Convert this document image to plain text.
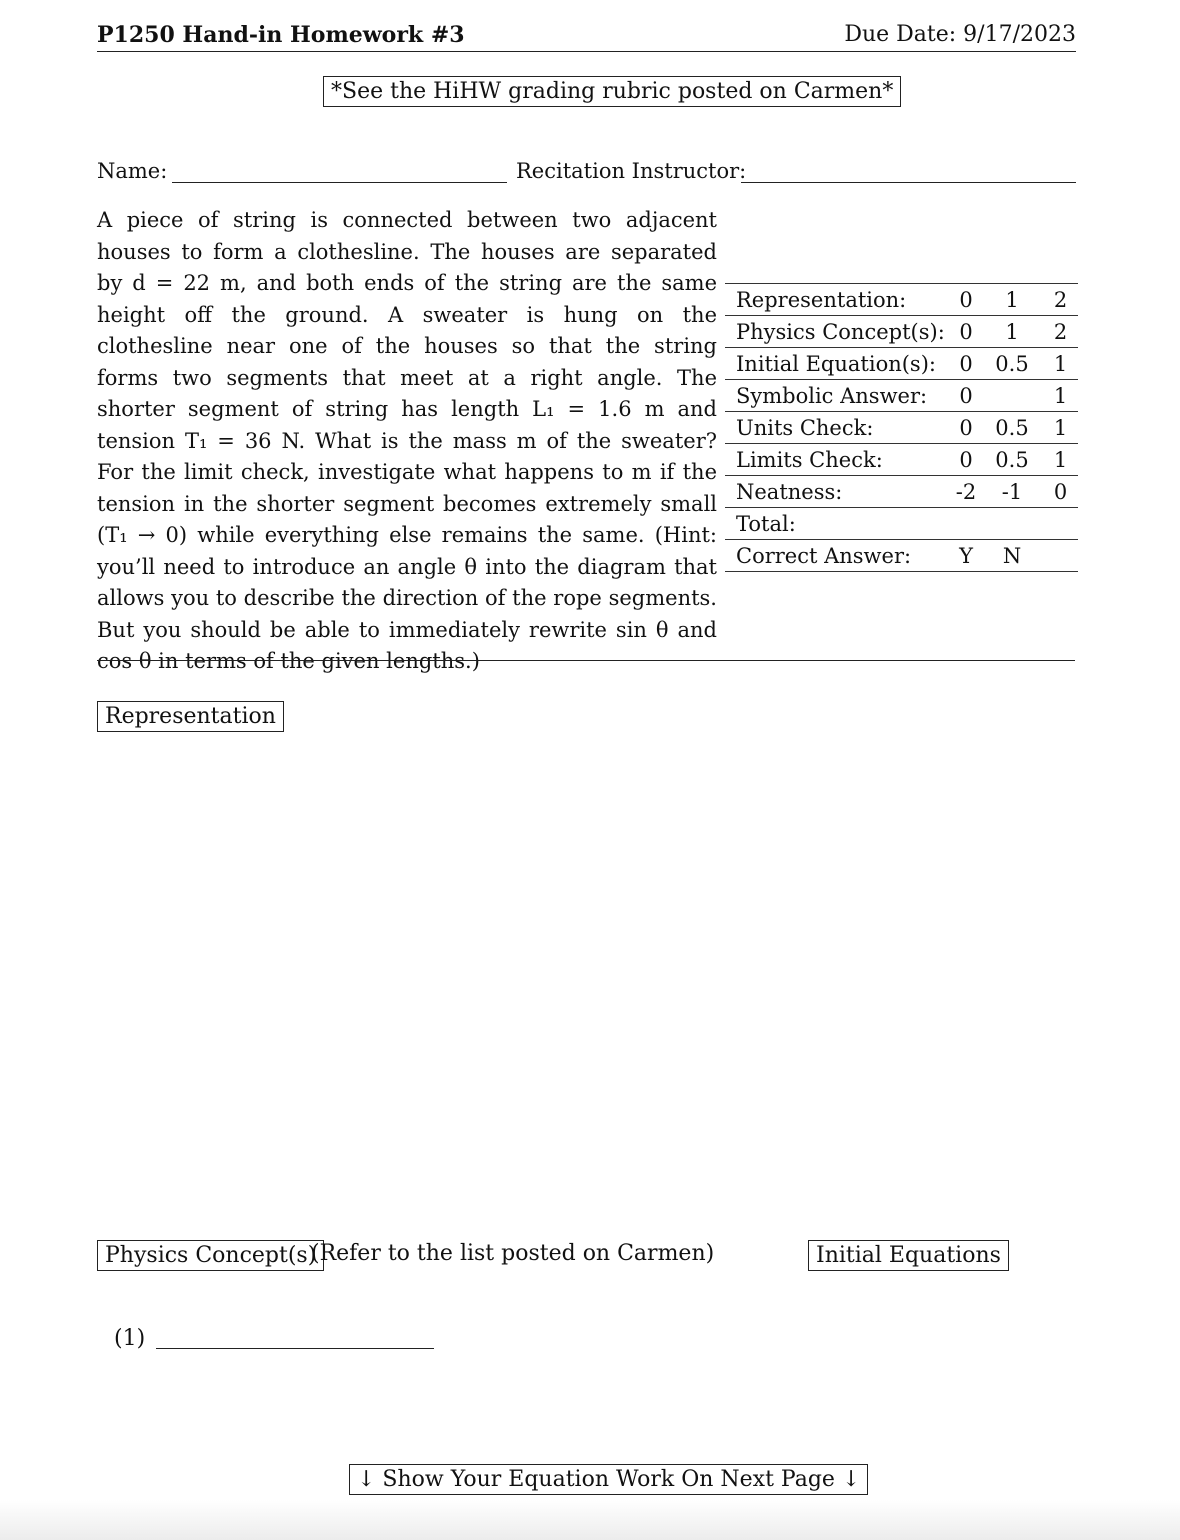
P1250 Hand-in Homework #3	Due Date: 9/17/2023
*See the HiHW grading rubric posted on Carmen*
Name:	Recitation Instructor:

A piece of string is connected between two adjacent houses to form a clothesline. The houses are separated by d = 22 m, and both ends of the string are the same height off the ground. A sweater is hung on the clothesline near one of the houses so that the string forms two segments that meet at a right angle. The shorter segment of string has length L₁ = 1.6 m and tension T₁ = 36 N. What is the mass m of the sweater? For the limit check, investigate what happens to m if the tension in the shorter segment becomes extremely small (T₁ → 0) while everything else remains the same. (Hint: you’ll need to introduce an angle θ into the diagram that allows you to describe the direction of the rope segments. But you should be able to immediately rewrite sin θ and cos θ in terms of the given lengths.)

Representation:	0	1	2
Physics Concept(s):	0	1	2
Initial Equation(s):	0	0.5	1
Symbolic Answer:	0		1
Units Check:	0	0.5	1
Limits Check:	0	0.5	1
Neatness:	-2	-1	0
Total:			
Correct Answer:	Y	N	
Representation
Physics Concept(s)
(Refer to the list posted on Carmen)	Initial Equations
(1)
↓ Show Your Equation Work On Next Page ↓
